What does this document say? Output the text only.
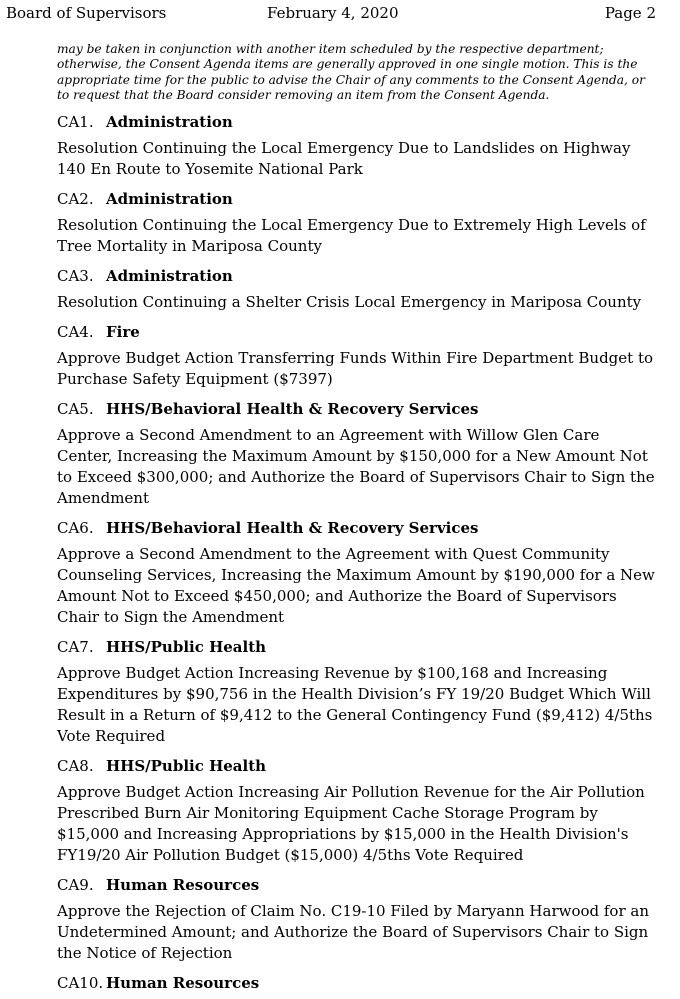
Board of Supervisors	February 4, 2020	Page 2

may be taken in conjunction with another item scheduled by the respective department; otherwise, the Consent Agenda items are generally approved in one single motion. This is the appropriate time for the public to advise the Chair of any comments to the Consent Agenda, or to request that the Board consider removing an item from the Consent Agenda.

CA1. Administration
Resolution Continuing the Local Emergency Due to Landslides on Highway 140 En Route to Yosemite National Park
CA2. Administration
Resolution Continuing the Local Emergency Due to Extremely High Levels of Tree Mortality in Mariposa County
CA3. Administration
Resolution Continuing a Shelter Crisis Local Emergency in Mariposa County
CA4. Fire
Approve Budget Action Transferring Funds Within Fire Department Budget to Purchase Safety Equipment ($7397)
CA5. HHS/Behavioral Health & Recovery Services
Approve a Second Amendment to an Agreement with Willow Glen Care Center, Increasing the Maximum Amount by $150,000 for a New Amount Not to Exceed $300,000; and Authorize the Board of Supervisors Chair to Sign the Amendment
CA6. HHS/Behavioral Health & Recovery Services
Approve a Second Amendment to the Agreement with Quest Community Counseling Services, Increasing the Maximum Amount by $190,000 for a New Amount Not to Exceed $450,000; and Authorize the Board of Supervisors Chair to Sign the Amendment
CA7. HHS/Public Health
Approve Budget Action Increasing Revenue by $100,168 and Increasing Expenditures by $90,756 in the Health Division’s FY 19/20 Budget Which Will Result in a Return of $9,412 to the General Contingency Fund ($9,412) 4/5ths Vote Required
CA8. HHS/Public Health
Approve Budget Action Increasing Air Pollution Revenue for the Air Pollution Prescribed Burn Air Monitoring Equipment Cache Storage Program by $15,000 and Increasing Appropriations by $15,000 in the Health Division's FY19/20 Air Pollution Budget ($15,000) 4/5ths Vote Required
CA9. Human Resources
Approve the Rejection of Claim No. C19-10 Filed by Maryann Harwood for an Undetermined Amount; and Authorize the Board of Supervisors Chair to Sign the Notice of Rejection
CA10. Human Resources
